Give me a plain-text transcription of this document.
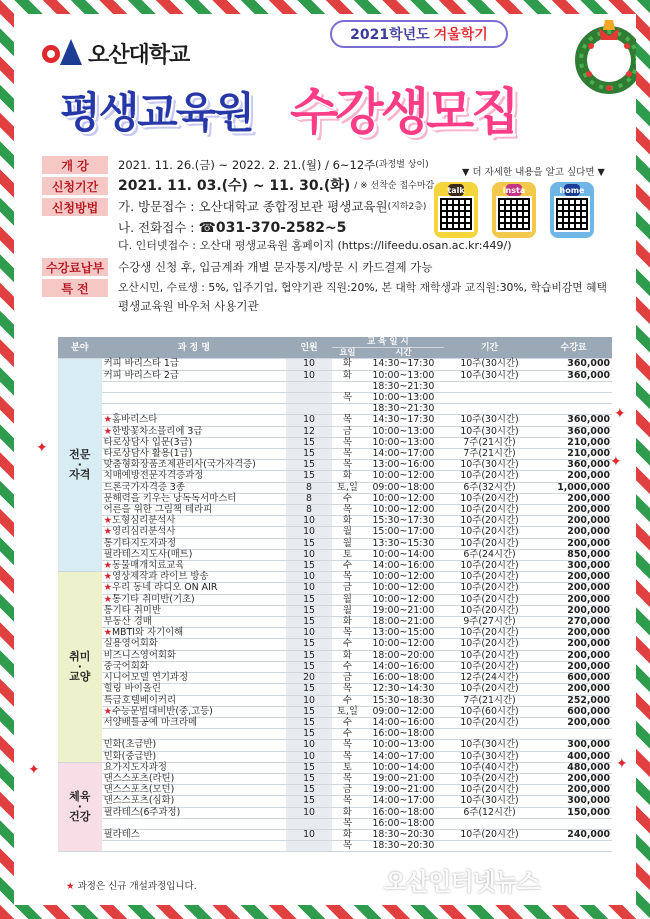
오산대학교
2021학년도 겨울학기
평생교육원 수강생모집
▼ 더 자세한 내용을 알고 싶다면 ▼
talk	insta	home
개 강	2021. 11. 26.(금) ~ 2022. 2. 21.(월) / 6~12주 (과정별 상이)
신청기간	2021. 11. 03.(수) ~ 11. 30.(화) / ※ 선착순 접수마감
신청방법	가. 방문접수 : 오산대학교 종합정보관 평생교육원 (지하2층)
나. 전화접수 : ☎031-370-2582~5
다. 인터넷접수 : 오산대 평생교육원 홈페이지 (https://lifeedu.osan.ac.kr:449/)
수강료납부	수강생 신청 후, 입금계좌 개별 문자통지/방문 시 카드결제 가능
특 전	오산시민, 수료생 : 5%, 입주기업, 협약기관 직원:20%, 본 대학 재학생과 교직원:30%, 학습비감면 혜택
평생교육원 바우처 사용기관
✦
✦
✦
✦	✦
분야	과 정 명	인원	교 육 일 시		기간	수강료
			요일	시간		
전문
·
자격	커피 바리스타 1급	10	화	14:30~17:30	10주(30시간)	360,000
	커피 바리스타 2급	10	화	10:00~13:00	10주(30시간)	360,000
				18:30~21:30		
			목	10:00~13:00		
				18:30~21:30		
	★홈바리스타	10	목	14:30~17:30	10주(30시간)	360,000
	★한방꽃차소믈리에 3급	12	금	10:00~13:00	10주(30시간)	360,000
	타로상담사 입문(3급)	15	목	10:00~13:00	7주(21시간)	210,000
	타로상담사 활용(1급)	15	목	14:00~17:00	7주(21시간)	210,000
	맞춤형화장품조제관리사(국가자격증)	15	목	13:00~16:00	10주(30시간)	360,000
	치매예방전문자격증과정	15	화	10:00~12:00	10주(20시간)	200,000
	드론국가자격증 3종	8	토,일	09:00~18:00	6주(32시간)	1,000,000
	문해력을 키우는 낭독독서마스터	8	수	10:00~12:00	10주(20시간)	200,000
	어른을 위한 그림책 테라피	8	목	10:00~12:00	10주(20시간)	200,000
	★도형심리분석사	10	화	15:30~17:30	10주(20시간)	200,000
	★영리심리분석사	10	월	15:00~17:00	10주(20시간)	200,000
	통기타지도자과정	15	월	13:30~15:30	10주(20시간)	200,000
	필라테스지도사(매트)	10	토	10:00~14:00	6주(24시간)	850,000
	★동물매개치료교육	15	수	14:00~16:00	10주(20시간)	300,000
취미
·
교양	★영상제작과 라이브 방송	10	목	10:00~12:00	10주(20시간)	200,000
	★우리 동네 라디오 ON AIR	10	금	10:00~12:00	10주(20시간)	200,000
	★통기타 취미반(기초)	15	월	10:00~12:00	10주(20시간)	200,000
	통기타 취미반	15	월	19:00~21:00	10주(20시간)	200,000
	부동산 경매	15	화	18:00~21:00	9주(27시간)	270,000
	★MBTI와 자기이해	10	목	13:00~15:00	10주(20시간)	200,000
	실용영어회화	15	수	10:00~12:00	10주(20시간)	200,000
	비즈니스영어회화	15	화	18:00~20:00	10주(20시간)	200,000
	중국어회화	15	수	14:00~16:00	10주(20시간)	200,000
	시니어모델 연기과정	20	금	16:00~18:00	12주(24시간)	600,000
	힐링 바이올린	15	목	12:30~14:30	10주(20시간)	200,000
	특급호텔베이커리	10	수	15:30~18:30	7주(21시간)	252,000
	★수능문법대비반(중,고등)	15	토,일	09:00~12:00	10주(60시간)	600,000
	서양배틀공예 마크라메	15	수	14:00~16:00	10주(20시간)	200,000
		15	수	16:00~18:00		
	민화(초급반)	10	목	10:00~13:00	10주(30시간)	300,000
	민화(중급반)	10	목	14:00~17:00	10주(30시간)	400,000
체육
·
건강	요가지도자과정	15	토	10:00~14:00	10주(40시간)	480,000
	댄스스포츠(라틴)	15	목	19:00~21:00	10주(20시간)	200,000
	댄스스포츠(모던)	15	금	19:00~21:00	10주(20시간)	200,000
	댄스스포츠(심화)	15	목	14:00~17:00	10주(30시간)	300,000
	필라테스(6주과정)	10	화	16:00~18:00	6주(12시간)	150,000
			목	16:00~18:00		
	필라테스	10	화	18:30~20:30	10주(20시간)	240,000
			목	18:30~20:30		
★ 과정은 신규 개설과정입니다.	오산인터넷뉴스
